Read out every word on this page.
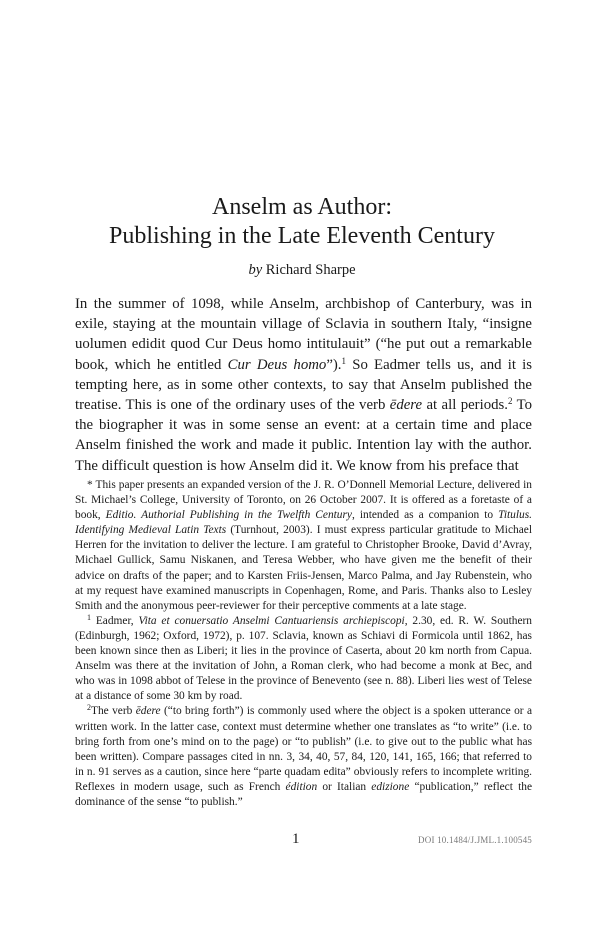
Anselm as Author:
Publishing in the Late Eleventh Century
by Richard Sharpe

In the summer of 1098, while Anselm, archbishop of Canterbury, was in exile, staying at the mountain village of Sclavia in southern Italy, “insigne uolumen edidit quod Cur Deus homo intitulauit” (“he put out a remarkable book, which he entitled Cur Deus homo”).$^1$ So Eadmer tells us, and it is tempting here, as in some other contexts, to say that Anselm published the treatise. This is one of the ordinary uses of the verb ēdere at all periods.$^2$ To the biographer it was in some sense an event: at a certain time and place Anselm finished the work and made it public. Intention lay with the author. The difficult question is how Anselm did it. We know from his preface that

* This paper presents an expanded version of the J. R. O’Donnell Memorial Lecture, delivered in St. Michael’s College, University of Toronto, on 26 October 2007. It is offered as a foretaste of a book, Editio. Authorial Publishing in the Twelfth Century, intended as a companion to Titulus. Identifying Medieval Latin Texts (Turnhout, 2003). I must express particular gratitude to Michael Herren for the invitation to deliver the lecture. I am grateful to Christopher Brooke, David d’Avray, Michael Gullick, Samu Niskanen, and Teresa Webber, who have given me the benefit of their advice on drafts of the paper; and to Karsten Friis-Jensen, Marco Palma, and Jay Rubenstein, who at my request have examined manuscripts in Copenhagen, Rome, and Paris. Thanks also to Lesley Smith and the anonymous peer-reviewer for their perceptive comments at a late stage.

$^1$ Eadmer, Vita et conuersatio Anselmi Cantuariensis archiepiscopi, 2.30, ed. R. W. Southern (Edinburgh, 1962; Oxford, 1972), p. 107. Sclavia, known as Schiavi di Formicola until 1862, has been known since then as Liberi; it lies in the province of Caserta, about 20 km north from Capua. Anselm was there at the invitation of John, a Roman clerk, who had become a monk at Bec, and who was in 1098 abbot of Telese in the province of Benevento (see n. 88). Liberi lies west of Telese at a distance of some 30 km by road.

$^2$The verb ēdere (“to bring forth”) is commonly used where the object is a spoken utterance or a written work. In the latter case, context must determine whether one translates as “to write” (i.e. to bring forth from one’s mind on to the page) or “to publish” (i.e. to give out to the public what has been written). Compare passages cited in nn. 3, 34, 40, 57, 84, 120, 141, 165, 166; that referred to in n. 91 serves as a caution, since here “parte quadam edita” obviously refers to incomplete writing. Reflexes in modern usage, such as French édition or Italian edizione “publication,” reflect the dominance of the sense “to publish.”

1	DOI 10.1484/J.JML.1.100545
